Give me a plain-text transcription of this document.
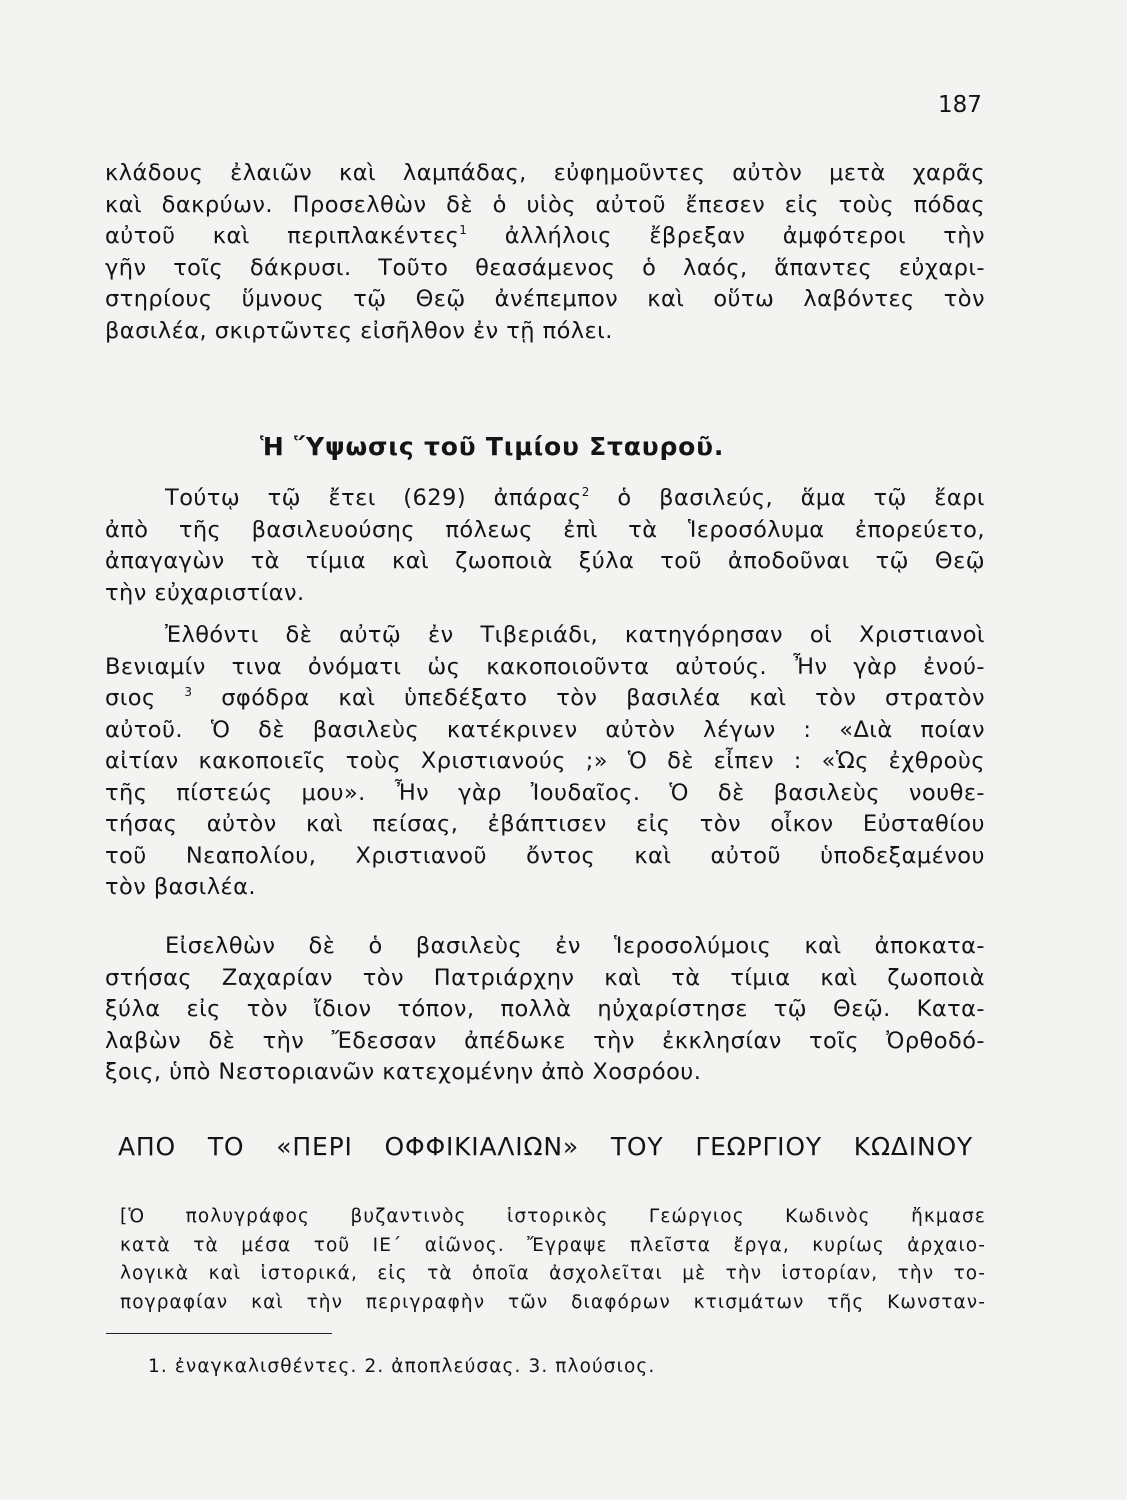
187
κλάδους ἐλαιῶν καὶ λαμπάδας, εὐφημοῦντες αὐτὸν μετὰ χαρᾶς
καὶ δακρύων. Προσελθὼν δὲ ὁ υἱὸς αὐτοῦ ἔπεσεν εἰς τοὺς πόδας
αὐτοῦ καὶ περιπλακέντες$^1$ ἀλλήλοις ἔβρεξαν ἀμφότεροι τὴν
γῆν τοῖς δάκρυσι. Τοῦτο θεασάμενος ὁ λαός, ἅπαντες εὐχαρι-
στηρίους ὕμνους τῷ Θεῷ ἀνέπεμπον καὶ οὕτω λαβόντες τὸν
βασιλέα, σκιρτῶντες εἰσῆλθον ἐν τῇ πόλει.
Ἡ Ὕψωσις τοῦ Τιμίου Σταυροῦ.
Τούτῳ τῷ ἔτει (629) ἀπάρας$^2$ ὁ βασιλεύς, ἅμα τῷ ἔαρι
ἀπὸ τῆς βασιλευούσης πόλεως ἐπὶ τὰ Ἱεροσόλυμα ἐπορεύετο,
ἀπαγαγὼν τὰ τίμια καὶ ζωοποιὰ ξύλα τοῦ ἀποδοῦναι τῷ Θεῷ
τὴν εὐχαριστίαν.
Ἐλθόντι δὲ αὐτῷ ἐν Τιβεριάδι, κατηγόρησαν οἱ Χριστιανοὶ
Βενιαμίν τινα ὀνόματι ὡς κακοποιοῦντα αὐτούς. Ἦν γὰρ ἐνού-
σιος $^3$ σφόδρα καὶ ὑπεδέξατο τὸν βασιλέα καὶ τὸν στρατὸν
αὐτοῦ. Ὁ δὲ βασιλεὺς κατέκρινεν αὐτὸν λέγων : «Διὰ ποίαν
αἰτίαν κακοποιεῖς τοὺς Χριστιανούς ;» Ὁ δὲ εἶπεν : «Ὡς ἐχθροὺς
τῆς πίστεώς μου». Ἦν γὰρ Ἰουδαῖος. Ὁ δὲ βασιλεὺς νουθε-
τήσας αὐτὸν καὶ πείσας, ἐβάπτισεν εἰς τὸν οἶκον Εὐσταθίου
τοῦ Νεαπολίου, Χριστιανοῦ ὄντος καὶ αὐτοῦ ὑποδεξαμένου
τὸν βασιλέα.
Εἰσελθὼν δὲ ὁ βασιλεὺς ἐν Ἱεροσολύμοις καὶ ἀποκατα-
στήσας Ζαχαρίαν τὸν Πατριάρχην καὶ τὰ τίμια καὶ ζωοποιὰ
ξύλα εἰς τὸν ἴδιον τόπον, πολλὰ ηὐχαρίστησε τῷ Θεῷ. Κατα-
λαβὼν δὲ τὴν Ἔδεσσαν ἀπέδωκε τὴν ἐκκλησίαν τοῖς Ὀρθοδό-
ξοις, ὑπὸ Νεστοριανῶν κατεχομένην ἀπὸ Χοσρόου.
ΑΠΟ ΤΟ «ΠΕΡΙ ΟΦΦΙΚΙΑΛΙΩΝ» ΤΟΥ ΓΕΩΡΓΙΟΥ ΚΩΔΙΝΟΥ
[Ὁ πολυγράφος βυζαντινὸς ἱστορικὸς Γεώργιος Κωδινὸς ἤκμασε
κατὰ τὰ μέσα τοῦ ΙΕ΄ αἰῶνος. Ἔγραψε πλεῖστα ἔργα, κυρίως ἀρχαιο-
λογικὰ καὶ ἱστορικά, εἰς τὰ ὁποῖα ἀσχολεῖται μὲ τὴν ἱστορίαν, τὴν το-
πογραφίαν καὶ τὴν περιγραφὴν τῶν διαφόρων κτισμάτων τῆς Κωνσταν-
1. ἐναγκαλισθέντες. 2. ἀποπλεύσας. 3. πλούσιος.
